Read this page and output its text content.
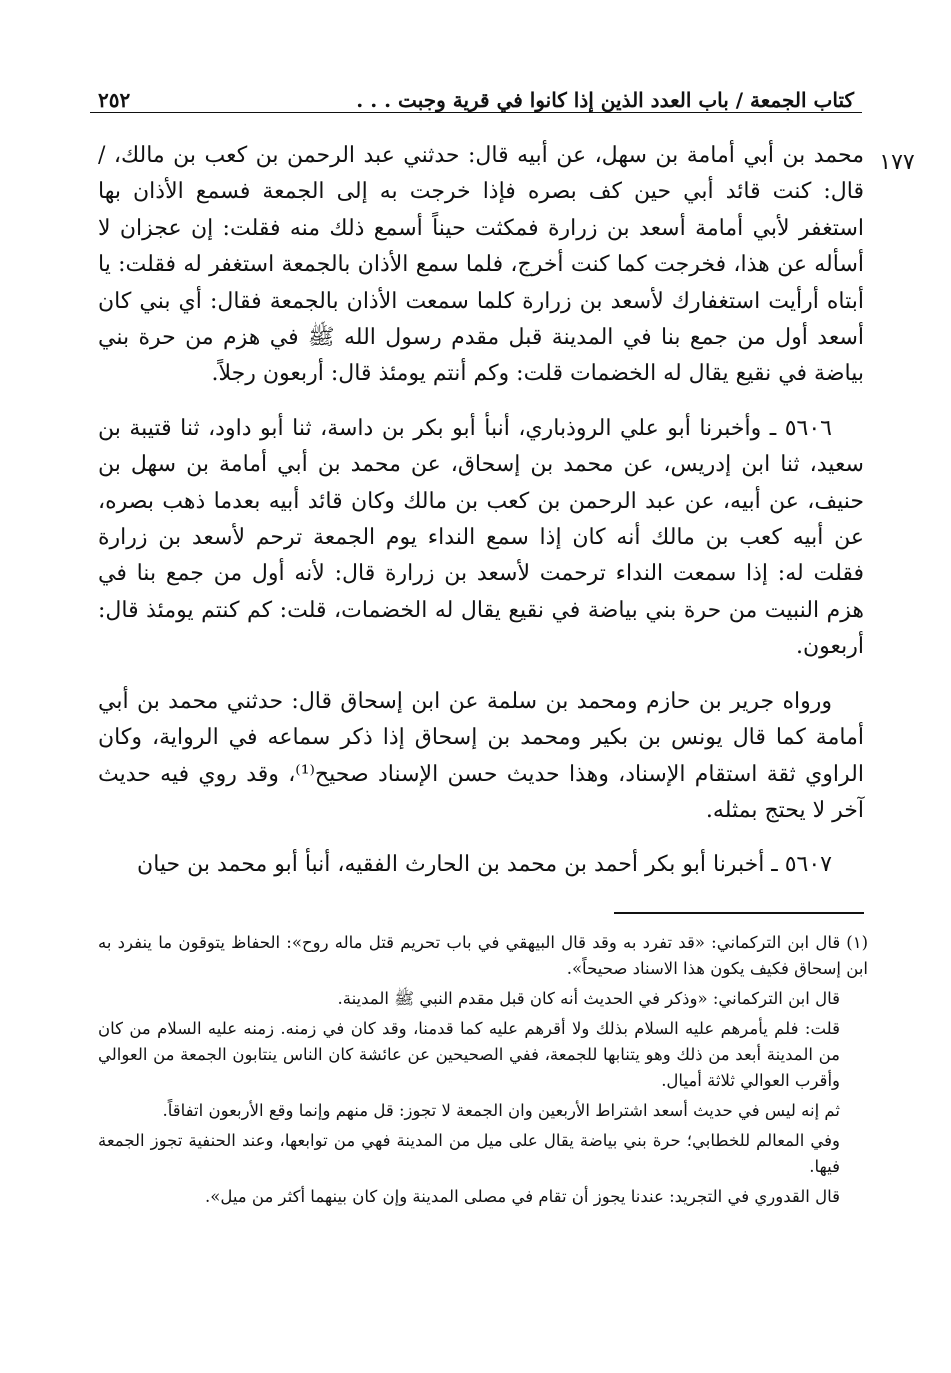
كتاب الجمعة / باب العدد الذين إذا كانوا في قرية وجبت . . .
٢٥٢
١٧٧

محمد بن أبي أمامة بن سهل، عن أبيه قال: حدثني عبد الرحمن بن كعب بن مالك، / قال: كنت قائد أبي حين كف بصره فإذا خرجت به إلى الجمعة فسمع الأذان بها استغفر لأبي أمامة أسعد بن زرارة فمكثت حيناً أسمع ذلك منه فقلت: إن عجزان لا أسأله عن هذا، فخرجت كما كنت أخرج، فلما سمع الأذان بالجمعة استغفر له فقلت: يا أبتاه أرأيت استغفارك لأسعد بن زرارة كلما سمعت الأذان بالجمعة فقال: أي بني كان أسعد أول من جمع بنا في المدينة قبل مقدم رسول الله ﷺ في هزم من حرة بني بياضة في نقيع يقال له الخضمات قلت: وكم أنتم يومئذ قال: أربعون رجلاً.

٥٦٠٦ ـ وأخبرنا أبو علي الروذباري، أنبأ أبو بكر بن داسة، ثنا أبو داود، ثنا قتيبة بن سعيد، ثنا ابن إدريس، عن محمد بن إسحاق، عن محمد بن أبي أمامة بن سهل بن حنيف، عن أبيه، عن عبد الرحمن بن كعب بن مالك وكان قائد أبيه بعدما ذهب بصره، عن أبيه كعب بن مالك أنه كان إذا سمع النداء يوم الجمعة ترحم لأسعد بن زرارة فقلت له: إذا سمعت النداء ترحمت لأسعد بن زرارة قال: لأنه أول من جمع بنا في هزم النبيت من حرة بني بياضة في نقيع يقال له الخضمات، قلت: كم كنتم يومئذ قال: أربعون.

ورواه جرير بن حازم ومحمد بن سلمة عن ابن إسحاق قال: حدثني محمد بن أبي أمامة كما قال يونس بن بكير ومحمد بن إسحاق إذا ذكر سماعه في الرواية، وكان الراوي ثقة استقام الإسناد، وهذا حديث حسن الإسناد صحيح⁽¹⁾، وقد روي فيه حديث آخر لا يحتج بمثله.

٥٦٠٧ ـ أخبرنا أبو بكر أحمد بن محمد بن الحارث الفقيه، أنبأ أبو محمد بن حيان

(١)قال ابن التركماني: «قد تفرد به وقد قال البيهقي في باب تحريم قتل ماله روح»: الحفاظ يتوقون ما ينفرد به ابن إسحاق فكيف يكون هذا الاسناد صحيحاً».

قال ابن التركماني: «وذكر في الحديث أنه كان قبل مقدم النبي ﷺ المدينة.

قلت: فلم يأمرهم عليه السلام بذلك ولا أقرهم عليه كما قدمنا، وقد كان في زمنه. زمنه عليه السلام من كان من المدينة أبعد من ذلك وهو يتنابها للجمعة، ففي الصحيحين عن عائشة كان الناس ينتابون الجمعة من العوالي وأقرب العوالي ثلاثة أميال.

ثم إنه ليس في حديث أسعد اشتراط الأربعين وان الجمعة لا تجوز: قل منهم وإنما وقع الأربعون اتفاقاً.

وفي المعالم للخطابي؛ حرة بني بياضة يقال على ميل من المدينة فهي من توابعها، وعند الحنفية تجوز الجمعة فيها.

قال القدوري في التجريد: عندنا يجوز أن تقام في مصلى المدينة وإن كان بينهما أكثر من ميل».
